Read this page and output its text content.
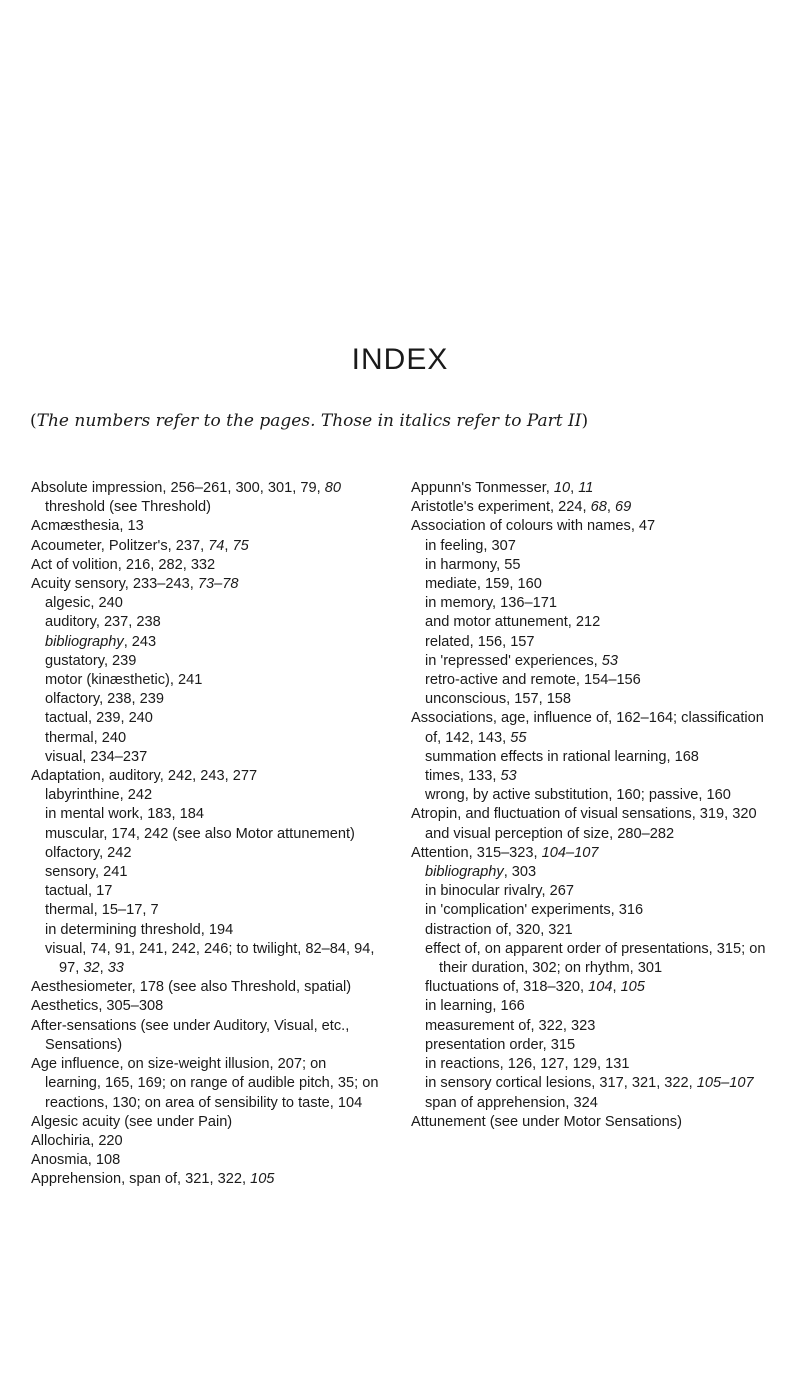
INDEX

(The numbers refer to the pages. Those in italics refer to Part II)

Absolute impression, 256–261, 300, 301, 79, 80

threshold (see Threshold)

Acmæsthesia, 13

Acoumeter, Politzer's, 237, 74, 75

Act of volition, 216, 282, 332

Acuity sensory, 233–243, 73–78

algesic, 240

auditory, 237, 238

bibliography, 243

gustatory, 239

motor (kinæsthetic), 241

olfactory, 238, 239

tactual, 239, 240

thermal, 240

visual, 234–237

Adaptation, auditory, 242, 243, 277

labyrinthine, 242

in mental work, 183, 184

muscular, 174, 242 (see also Motor attunement)

olfactory, 242

sensory, 241

tactual, 17

thermal, 15–17, 7

in determining threshold, 194

visual, 74, 91, 241, 242, 246; to twilight, 82–84, 94, 97, 32, 33

Aesthesiometer, 178 (see also Threshold, spatial)

Aesthetics, 305–308

After-sensations (see under Auditory, Visual, etc., Sensations)

Age influence, on size-weight illusion, 207; on learning, 165, 169; on range of audible pitch, 35; on reactions, 130; on area of sensibility to taste, 104

Algesic acuity (see under Pain)

Allochiria, 220

Anosmia, 108

Apprehension, span of, 321, 322, 105

Appunn's Tonmesser, 10, 11

Aristotle's experiment, 224, 68, 69

Association of colours with names, 47

in feeling, 307

in harmony, 55

mediate, 159, 160

in memory, 136–171

and motor attunement, 212

related, 156, 157

in 'repressed' experiences, 53

retro-active and remote, 154–156

unconscious, 157, 158

Associations, age, influence of, 162–164; classification of, 142, 143, 55

summation effects in rational learning, 168

times, 133, 53

wrong, by active substitution, 160; passive, 160

Atropin, and fluctuation of visual sensations, 319, 320

and visual perception of size, 280–282

Attention, 315–323, 104–107

bibliography, 303

in binocular rivalry, 267

in 'complication' experiments, 316

distraction of, 320, 321

effect of, on apparent order of presentations, 315; on their duration, 302; on rhythm, 301

fluctuations of, 318–320, 104, 105

in learning, 166

measurement of, 322, 323

presentation order, 315

in reactions, 126, 127, 129, 131

in sensory cortical lesions, 317, 321, 322, 105–107

span of apprehension, 324

Attunement (see under Motor Sensations)
